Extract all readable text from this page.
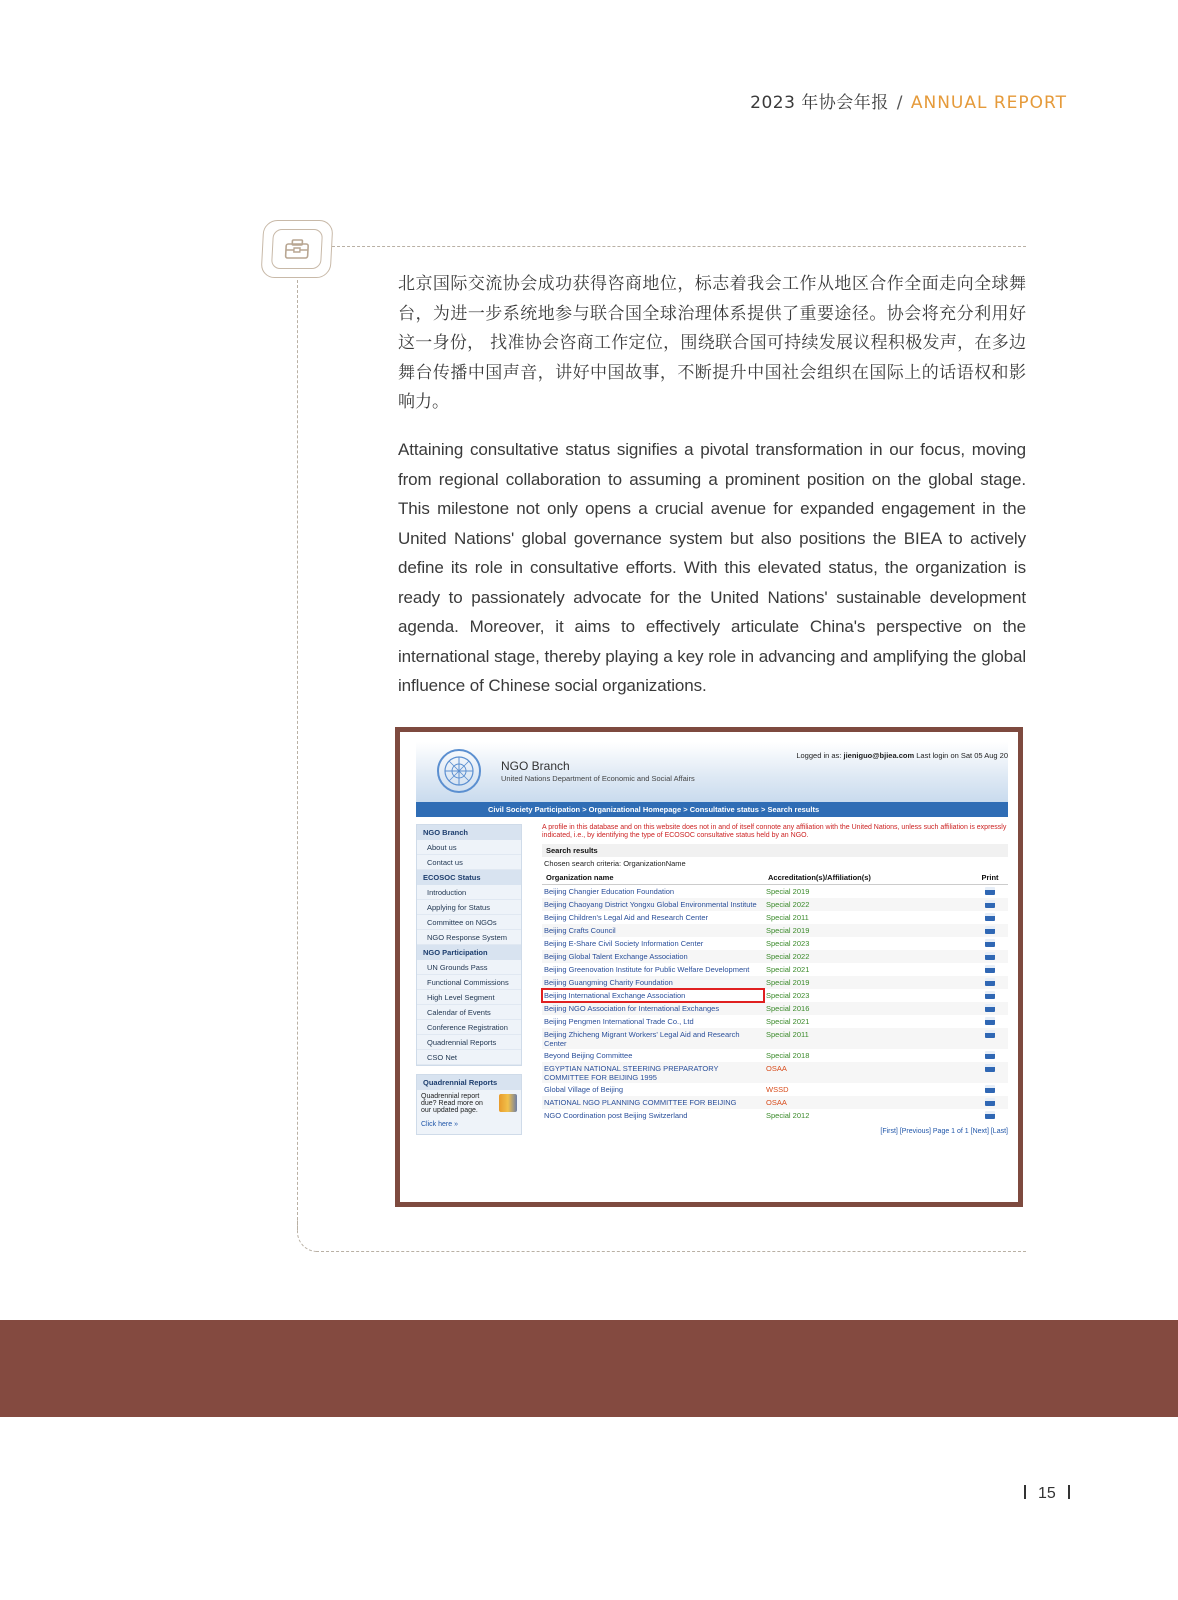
2023 年协会年报 / ANNUAL REPORT

北京国际交流协会成功获得咨商地位，标志着我会工作从地区合作全面走向全球舞台，为进一步系统地参与联合国全球治理体系提供了重要途径。协会将充分利用好这一身份， 找准协会咨商工作定位，围绕联合国可持续发展议程积极发声，在多边舞台传播中国声音，讲好中国故事，不断提升中国社会组织在国际上的话语权和影响力。

Attaining consultative status signifies a pivotal transformation in our focus, moving from regional collaboration to assuming a prominent position on the global stage. This milestone not only opens a crucial avenue for expanded engagement in the United Nations' global governance system but also positions the BIEA to actively define its role in consultative efforts. With this elevated status, the organization is ready to passionately advocate for the United Nations' sustainable development agenda. Moreover, it aims to effectively articulate China's perspective on the international stage, thereby playing a key role in advancing and amplifying the global influence of Chinese social organizations.

NGO Branch
United Nations Department of Economic and Social Affairs
Logged in as: jieniguo@bjiea.com Last login on Sat 05 Aug 20
Civil Society Participation > Organizational Homepage > Consultative status > Search results
NGO Branch
About us
Contact us
ECOSOC Status
Introduction
Applying for Status
Committee on NGOs
NGO Response System
NGO Participation
UN Grounds Pass
Functional Commissions
High Level Segment
Calendar of Events
Conference Registration
Quadrennial Reports
CSO Net
Quadrennial Reports
Quadrennial report due? Read more on our updated page.
Click here »
A profile in this database and on this website does not in and of itself connote any affiliation with the United Nations, unless such affiliation is expressly indicated, i.e., by identifying the type of ECOSOC consultative status held by an NGO.
Search results
Chosen search criteria: OrganizationName
Organization name	Accreditation(s)/Affiliation(s)	Print
Beijing Changier Education Foundation	Special 2019	
Beijing Chaoyang District Yongxu Global Environmental Institute	Special 2022	
Beijing Children's Legal Aid and Research Center	Special 2011	
Beijing Crafts Council	Special 2019	
Beijing E-Share Civil Society Information Center	Special 2023	
Beijing Global Talent Exchange Association	Special 2022	
Beijing Greenovation Institute for Public Welfare Development	Special 2021	
Beijing Guangming Charity Foundation	Special 2019	
Beijing International Exchange Association	Special 2023	
Beijing NGO Association for International Exchanges	Special 2016	
Beijing Pengmen International Trade Co., Ltd	Special 2021	
Beijing Zhicheng Migrant Workers' Legal Aid and Research Center	Special 2011	
Beyond Beijing Committee	Special 2018	
EGYPTIAN NATIONAL STEERING PREPARATORY COMMITTEE FOR BEIJING 1995	OSAA	
Global Village of Beijing	WSSD	
NATIONAL NGO PLANNING COMMITTEE FOR BEIJING	OSAA	
NGO Coordination post Beijing Switzerland	Special 2012	
[First] [Previous] Page 1 of 1 [Next] [Last]
15
